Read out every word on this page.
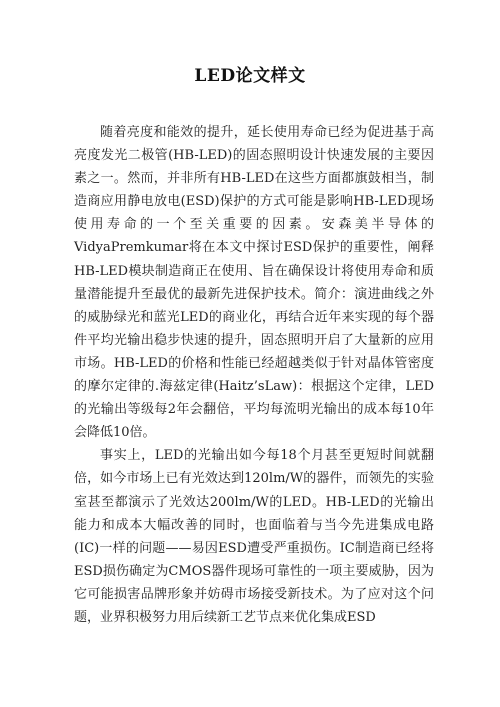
LED论文样文

随着亮度和能效的提升，延长使用寿命已经为促进基于高亮度发光二极管(HB-LED)的固态照明设计快速发展的主要因素之一。然而，并非所有HB-LED在这些方面都旗鼓相当，制造商应用静电放电(ESD)保护的方式可能是影响HB-LED现场使用寿命的一个至关重要的因素。安森美半导体的VidyaPremkumar将在本文中探讨ESD保护的重要性，阐释HB-LED模块制造商正在使用、旨在确保设计将使用寿命和质量潜能提升至最优的最新先进保护技术。简介：演进曲线之外的威胁绿光和蓝光LED的商业化，再结合近年来实现的每个器件平均光输出稳步快速的提升，固态照明开启了大量新的应用市场。HB-LED的价格和性能已经超越类似于针对晶体管密度的摩尔定律的.海兹定律(Haitz’sLaw)：根据这个定律，LED的光输出等级每2年会翻倍，平均每流明光输出的成本每10年会降低10倍。

事实上，LED的光输出如今每18个月甚至更短时间就翻倍，如今市场上已有光效达到120lm/W的器件，而领先的实验室甚至都演示了光效达200lm/W的LED。HB-LED的光输出能力和成本大幅改善的同时，也面临着与当今先进集成电路(IC)一样的问题——易因ESD遭受严重损伤。IC制造商已经将ESD损伤确定为CMOS器件现场可靠性的一项主要威胁，因为它可能损害品牌形象并妨碍市场接受新技术。为了应对这个问题，业界积极努力用后续新工艺节点来优化集成ESD
